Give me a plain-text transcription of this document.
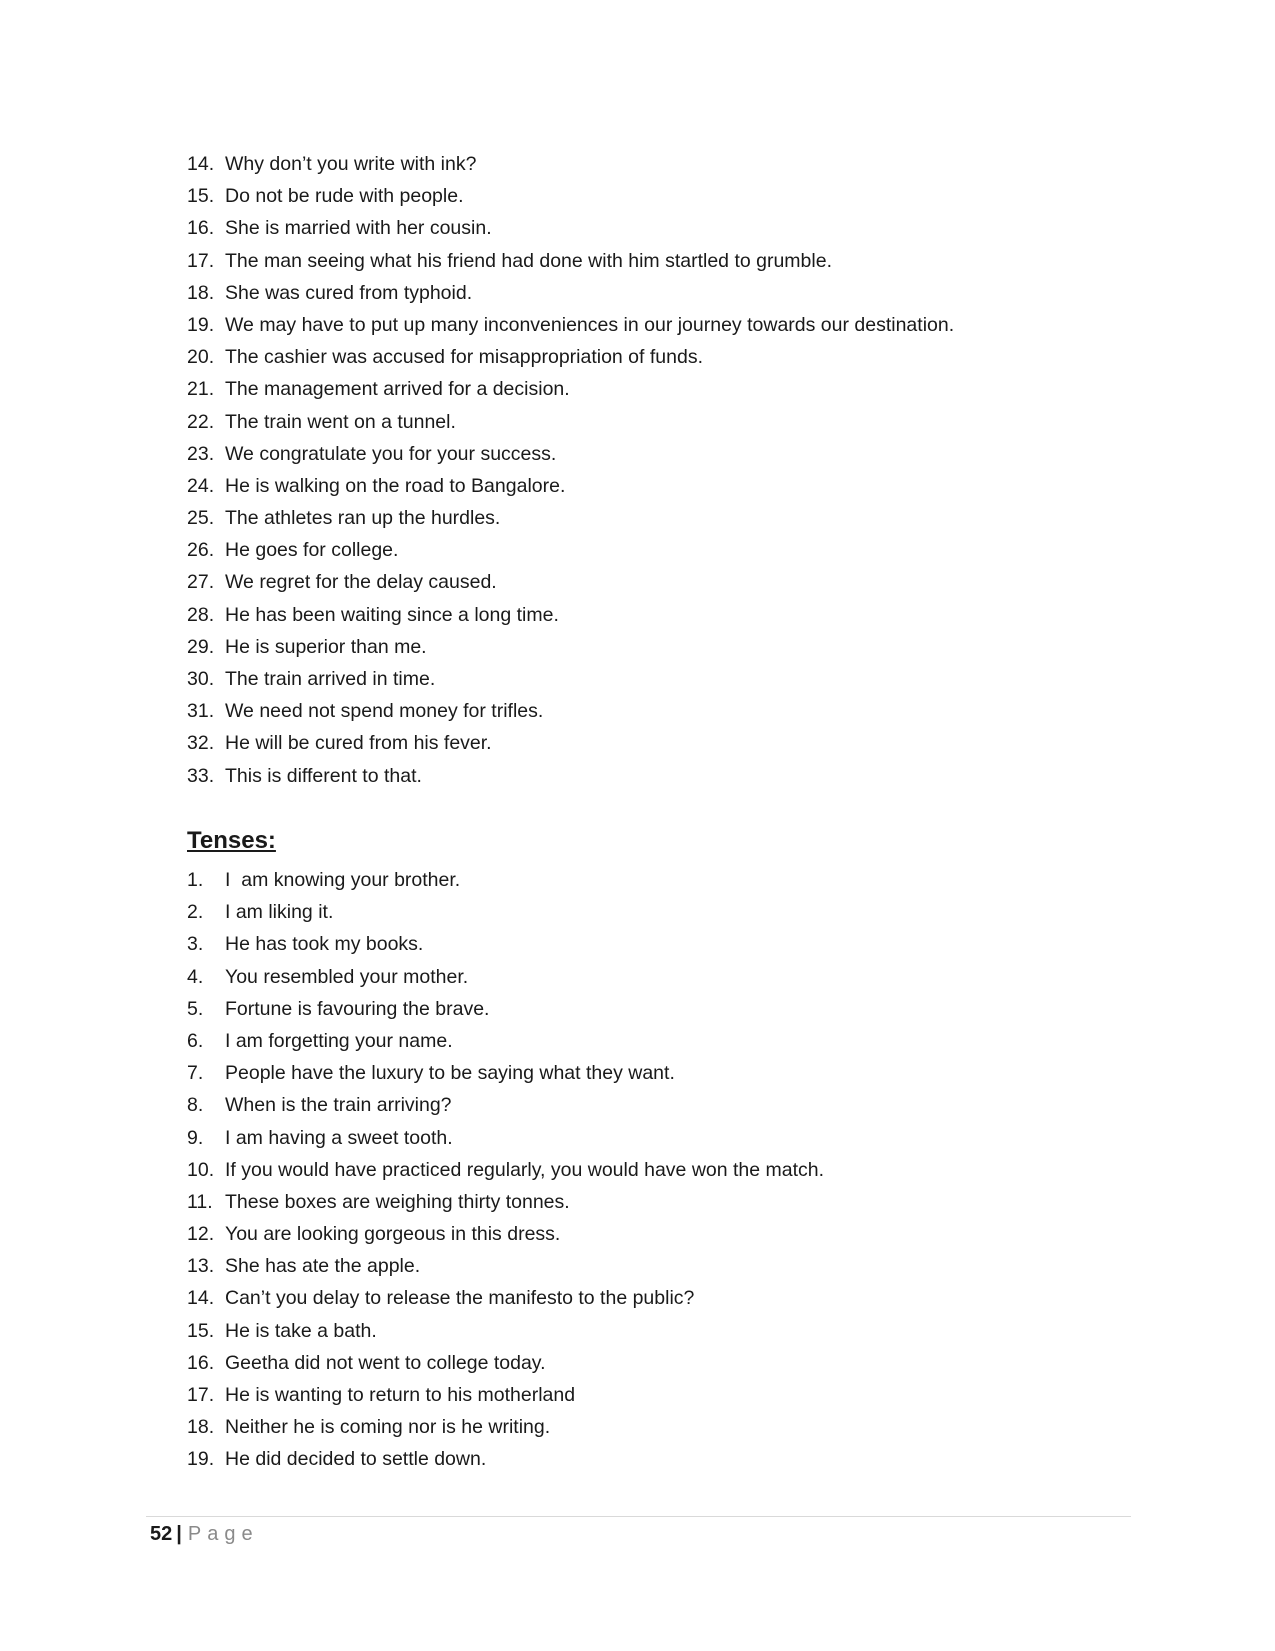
14. Why don’t you write with ink?
15. Do not be rude with people.
16. She is married with her cousin.
17. The man seeing what his friend had done with him startled to grumble.
18. She was cured from typhoid.
19. We may have to put up many inconveniences in our journey towards our destination.
20. The cashier was accused for misappropriation of funds.
21. The management arrived for a decision.
22. The train went on a tunnel.
23. We congratulate you for your success.
24. He is walking on the road to Bangalore.
25. The athletes ran up the hurdles.
26. He goes for college.
27. We regret for the delay caused.
28. He has been waiting since a long time.
29. He is superior than me.
30. The train arrived in time.
31. We need not spend money for trifles.
32. He will be cured from his fever.
33. This is different to that.
Tenses:
1. I  am knowing your brother.
2. I am liking it.
3. He has took my books.
4. You resembled your mother.
5. Fortune is favouring the brave.
6. I am forgetting your name.
7. People have the luxury to be saying what they want.
8. When is the train arriving?
9. I am having a sweet tooth.
10. If you would have practiced regularly, you would have won the match.
11. These boxes are weighing thirty tonnes.
12. You are looking gorgeous in this dress.
13. She has ate the apple.
14. Can’t you delay to release the manifesto to the public?
15. He is take a bath.
16. Geetha did not went to college today.
17. He is wanting to return to his motherland
18. Neither he is coming nor is he writing.
19. He did decided to settle down.
52 | Page
